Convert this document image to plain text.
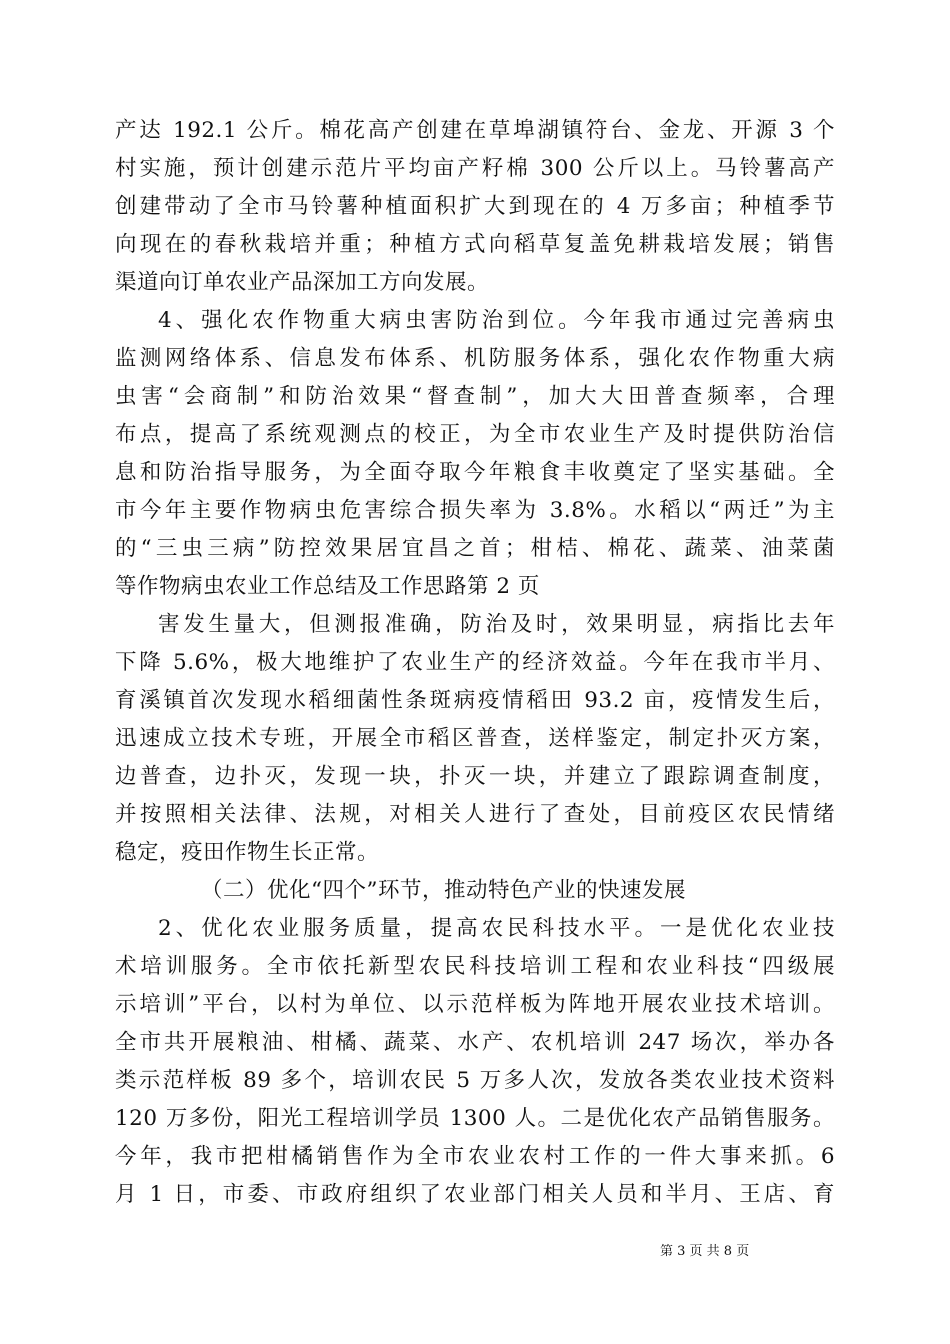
产达 192.1 公斤。棉花高产创建在草埠湖镇符台、金龙、开源 3 个
村实施，预计创建示范片平均亩产籽棉 300 公斤以上。马铃薯高产
创建带动了全市马铃薯种植面积扩大到现在的 4 万多亩；种植季节
向现在的春秋栽培并重；种植方式向稻草复盖免耕栽培发展；销售
渠道向订单农业产品深加工方向发展。
4、强化农作物重大病虫害防治到位。今年我市通过完善病虫
监测网络体系、信息发布体系、机防服务体系，强化农作物重大病
虫害“会商制”和防治效果“督查制”，加大大田普查频率，合理
布点，提高了系统观测点的校正，为全市农业生产及时提供防治信
息和防治指导服务，为全面夺取今年粮食丰收奠定了坚实基础。全
市今年主要作物病虫危害综合损失率为 3.8%。水稻以“两迁”为主
的“三虫三病”防控效果居宜昌之首；柑桔、棉花、蔬菜、油菜菌
等作物病虫农业工作总结及工作思路第 2 页
害发生量大，但测报准确，防治及时，效果明显，病指比去年
下降 5.6%，极大地维护了农业生产的经济效益。今年在我市半月、
育溪镇首次发现水稻细菌性条斑病疫情稻田 93.2 亩，疫情发生后，
迅速成立技术专班，开展全市稻区普查，送样鉴定，制定扑灭方案，
边普查，边扑灭，发现一块，扑灭一块，并建立了跟踪调查制度，
并按照相关法律、法规，对相关人进行了查处，目前疫区农民情绪
稳定，疫田作物生长正常。
（二）优化“四个”环节，推动特色产业的快速发展
2、优化农业服务质量，提高农民科技水平。一是优化农业技
术培训服务。全市依托新型农民科技培训工程和农业科技“四级展
示培训”平台，以村为单位、以示范样板为阵地开展农业技术培训。
全市共开展粮油、柑橘、蔬菜、水产、农机培训 247 场次，举办各
类示范样板 89 多个，培训农民 5 万多人次，发放各类农业技术资料
120 万多份，阳光工程培训学员 1300 人。二是优化农产品销售服务。
今年，我市把柑橘销售作为全市农业农村工作的一件大事来抓。6
月 1 日，市委、市政府组织了农业部门相关人员和半月、王店、育
第 3 页 共 8 页
